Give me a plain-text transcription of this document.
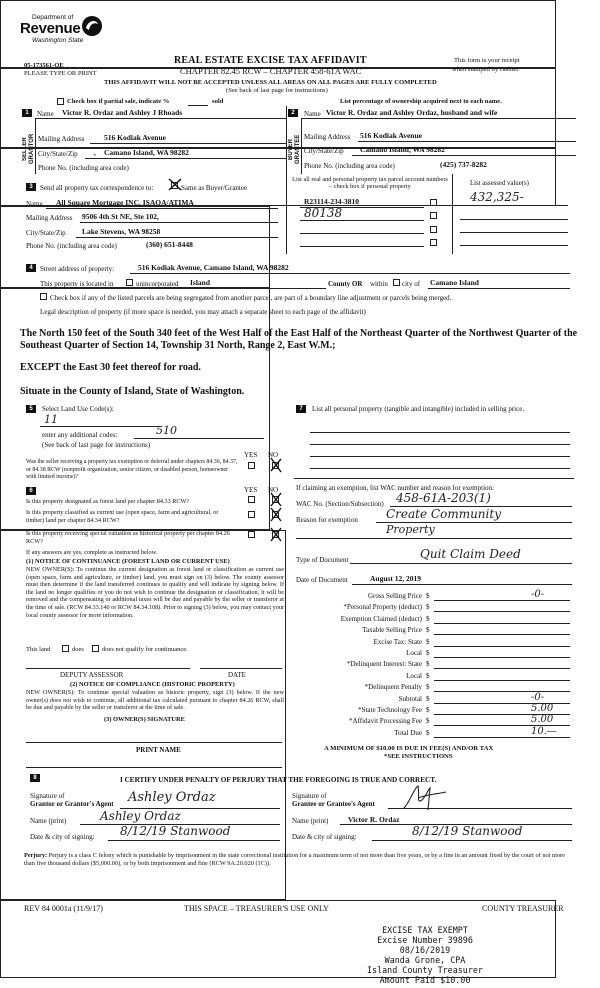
Department of
Revenue
Washington State
05-173561-OE
PLEASE TYPE OR PRINT
REAL ESTATE EXCISE TAX AFFIDAVIT
CHAPTER 82.45 RCW – CHAPTER 458-61A WAC
THIS AFFIDAVIT WILL NOT BE ACCEPTED UNLESS ALL AREAS ON ALL PAGES ARE FULLY COMPLETED
(See back of last page for instructions)
This form is your receipt
when stamped by cashier.
Check box if partial sale, indicate %	sold	List percentage of ownership acquired next to each name.
1
SELLER GRANTOR
Name Victor R. Ordaz and Ashley J Rhoads
Mailing Address	516 Kodiak Avenue
City/State/Zip , Camano Island, WA 98282
Phone No. (including area code)
2
BUYER GRANTEE
Name Victor R. Ordaz and Ashley Ordaz, husband and wife
Mailing Address 516 Kodiak Avenue
City/State/Zip Camano Island, WA 98282
Phone No. (including area code)	(425) 737-8282
3	Send all property tax correspondence to:	Same as Buyer/Grantee
Name All Square Mortgage INC. ISAOA/ATIMA
Mailing Address 9506 4th St NE, Ste 102,
City/State/Zip Lake Stevens, WA 98258
Phone No. (including area code)	(360) 651-8448
List all real and personal property tax parcel account numbers – check box if personal property	List assessed value(s)
R23114-234-3810	432,325-
80138
4	Street address of property:	516 Kodiak Avenue, Camano Island, WA 98282
This property is located in	unincorporated Island	County OR within city of Camano Island
Check box if any of the listed parcels are being segregated from another parcel, are part of a boundary line adjustment or parcels being merged.
Legal description of property (if more space is needed, you may attach a separate sheet to each page of the affidavit)
The North 150 feet of the South 340 feet of the West Half of the East Half of the Northeast Quarter of the Northwest Quarter of the Southeast Quarter of Section 14, Township 31 North, Range 2, East W.M.;
EXCEPT the East 30 feet thereof for road.
Situate in the County of Island, State of Washington.
5	Select Land Use Code(s):
11
enter any additional codes:	510
(See back of last page for instructions)
YES NO
Was the seller receiving a property tax exemption or deferral under chapters 84.36, 84.37, or 84.38 RCW (nonprofit organization, senior citizen, or disabled person, homeowner with limited income)?
6	YES NO
Is this property designated as forest land per chapter 84.33 RCW?
Is this property classified as current use (open space, farm and agricultural, or timber) land per chapter 84.34 RCW?
Is this property receiving special valuation as historical property per chapter 84.26 RCW?
If any answers are yes, complete as instructed below.
(1) NOTICE OF CONTINUANCE (FOREST LAND OR CURRENT USE)
NEW OWNER(S): To continue the current designation as forest land or classification as current use (open space, farm and agriculture, or timber) land, you must sign on (3) below. The county assessor must then determine if the land transferred continues to qualify and will indicate by signing below. If the land no longer qualifies or you do not wish to continue the designation or classification, it will be removed and the compensating or additional taxes will be due and payable by the seller or transferor at the time of sale. (RCW 84.33.140 or RCW 84.34.108). Prior to signing (3) below, you may contact your local county assessor for more information.
This land	does	does not qualify for continuance.
DEPUTY ASSESSOR	DATE
(2) NOTICE OF COMPLIANCE (HISTORIC PROPERTY)
NEW OWNER(S): To continue special valuation as historic property, sign (3) below. If the new owner(s) does not wish to continue, all additional tax calculated pursuant to chapter 84.26 RCW, shall be due and payable by the seller or transferor at the time of sale.
(3) OWNER(S) SIGNATURE
PRINT NAME
7	List all personal property (tangible and intangible) included in selling price.
If claiming an exemption, list WAC number and reason for exemption:
WAC No. (Section/Subsection) 458-61A-203(1)
Reason for exemption Create Community
Property
Type of Document	Quit Claim Deed
Date of Document	August 12, 2019
Gross Selling Price $	-0-
*Personal Property (deduct) $
Exemption Claimed (deduct) $
Taxable Selling Price $
Excise Tax: State $
Local $
*Delinquent Interest: State $
Local $
*Delinquent Penalty $
Subtotal $	-0-
*State Technology Fee $	5.00
*Affidavit Processing Fee $	5.00
Total Due $	10.—
A MINIMUM OF $10.00 IS DUE IN FEE(S) AND/OR TAX
*SEE INSTRUCTIONS
8	I CERTIFY UNDER PENALTY OF PERJURY THAT THE FOREGOING IS TRUE AND CORRECT.
Signature of
Grantor or Grantor's Agent Ashley Ordaz
Name (print)	Ashley Ordaz
Date & city of signing: 8/12/19 Stanwood
Signature of
Grantee or Grantee's Agent
Name (print)	Victor R. Ordaz
Date & city of signing:	8/12/19 Stanwood
Perjury: Perjury is a class C felony which is punishable by imprisonment in the state correctional institution for a maximum term of not more than five years, or by a fine in an amount fixed by the court of not more than five thousand dollars ($5,000.00), or by both imprisonment and fine (RCW 9A.20.020 (1C)).
REV 84 0001a (11/9/17)	THIS SPACE – TREASURER'S USE ONLY	COUNTY TREASURER
EXCISE TAX EXEMPT
Excise Number 39896
08/16/2019
Wanda Grone, CPA
Island County Treasurer
Amount Paid $10.00
